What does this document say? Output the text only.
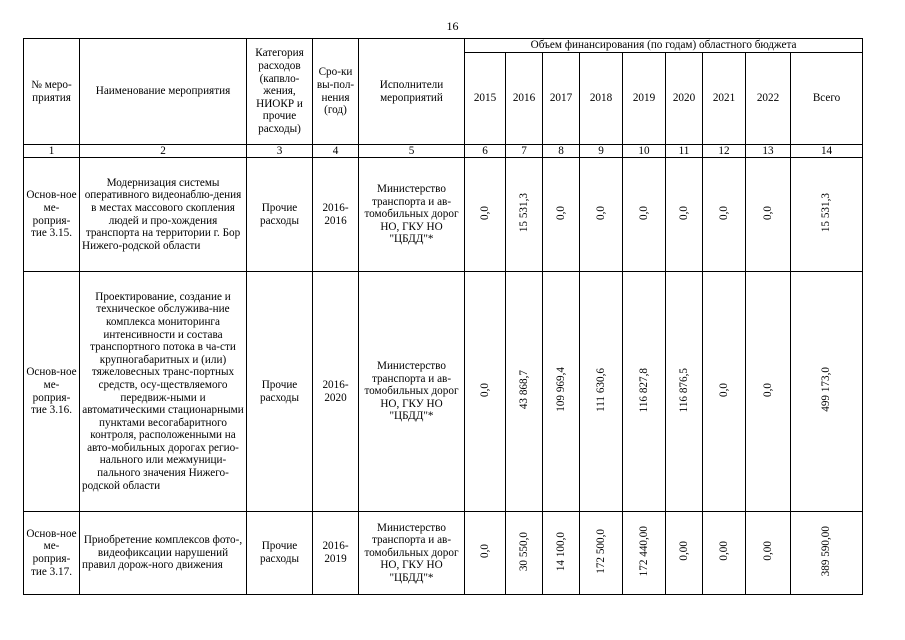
16
№ меро-приятия	Наименование мероприятия	Категория расходов (капвло-жения, НИОКР и прочие расходы)	Сро-ки вы-пол-нения (год)	Исполнители мероприятий	Объем финансирования (по годам) областного бюджета								
					2015	2016	2017	2018	2019	2020	2021	2022	Всего
1	2	3	4	5	6	7	8	9	10	11	12	13	14
Основ-ное ме-роприя-тие 3.15.	Модернизация системы оперативного видеонаблю-дения в местах массового скопления людей и про-хождения транспорта на территории г. Бор Нижего-родской области	Прочие расходы	2016-2016	Министерство транспорта и ав-томобильных дорог НО, ГКУ НО "ЦБДД"*	0,0	15 531,3	0,0	0,0	0,0	0,0	0,0	0,0	15 531,3
Основ-ное ме-роприя-тие 3.16.	Проектирование, создание и техническое обслужива-ние комплекса мониторинга интенсивности и состава транспортного потока в ча-сти крупногабаритных и (или) тяжеловесных транс-портных средств, осу-ществляемого передвиж-ными и автоматическими стационарными пунктами весогабаритного контроля, расположенными на авто-мобильных дорогах регио-нального или межмуници-пального значения Нижего-родской области	Прочие расходы	2016-2020	Министерство транспорта и ав-томобильных дорог НО, ГКУ НО "ЦБДД"*	0,0	43 868,7	109 969,4	111 630,6	116 827,8	116 876,5	0,0	0,0	499 173,0
Основ-ное ме-роприя-тие 3.17.	Приобретение комплексов фото-, видеофиксации нарушений правил дорож-ного движения	Прочие расходы	2016-2019	Министерство транспорта и ав-томобильных дорог НО, ГКУ НО "ЦБДД"*	0,0	30 550,0	14 100,0	172 500,0	172 440,00	0,00	0,00	0,00	389 590,00
